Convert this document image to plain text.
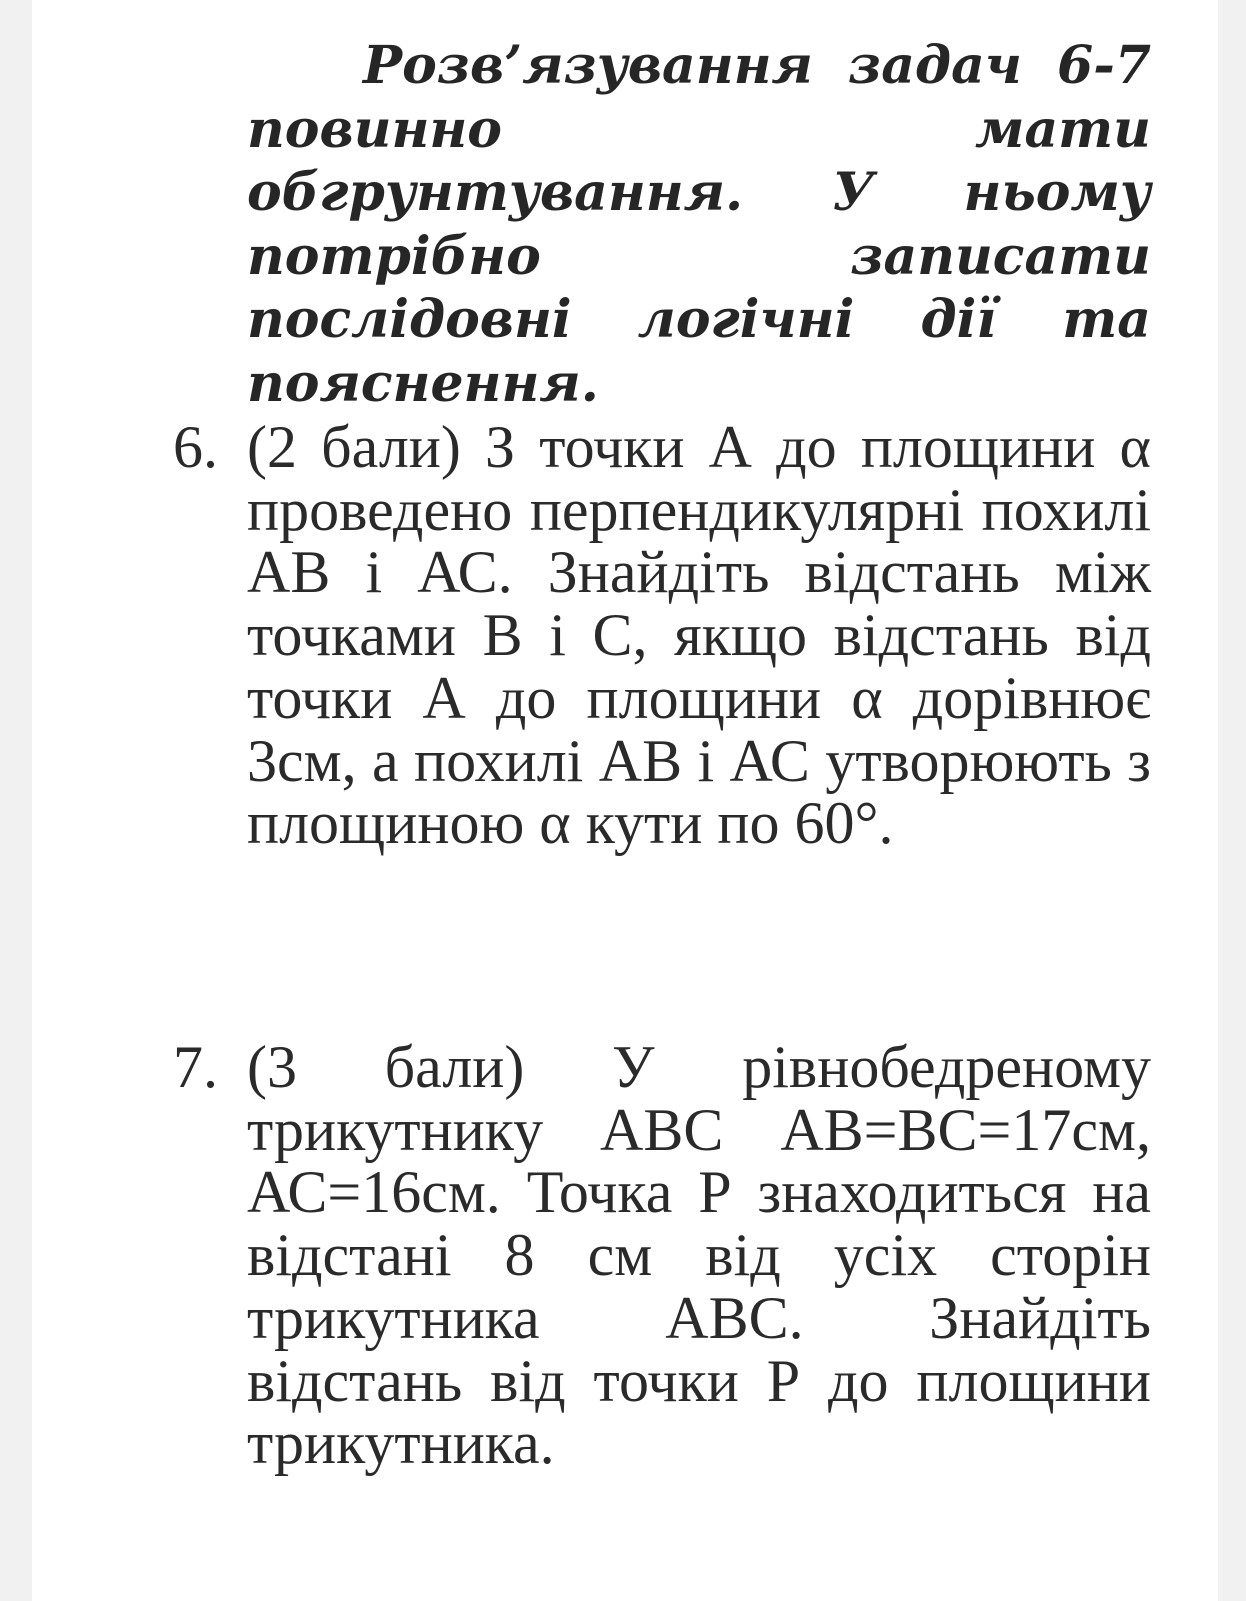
Розв’язування задач 6-7 повинно мати обгрунтування. У ньому потрібно записати послідовні логічні дії та пояснення.

6. (2 бали) З точки А до площини α проведено перпендикулярні похилі АВ і АС. Знайдіть відстань між точками В і С, якщо відстань від точки А до площини α дорівнює 3см, а похилі АВ і АС утворюють з площиною α кути по 60°.
7. (3 бали) У рівнобедреному трикутнику АВС АВ=ВС=17см, АС=16см. Точка Р знаходиться на відстані 8 см від усіх сторін трикутника АВС. Знайдіть відстань від точки Р до площини трикутника.
